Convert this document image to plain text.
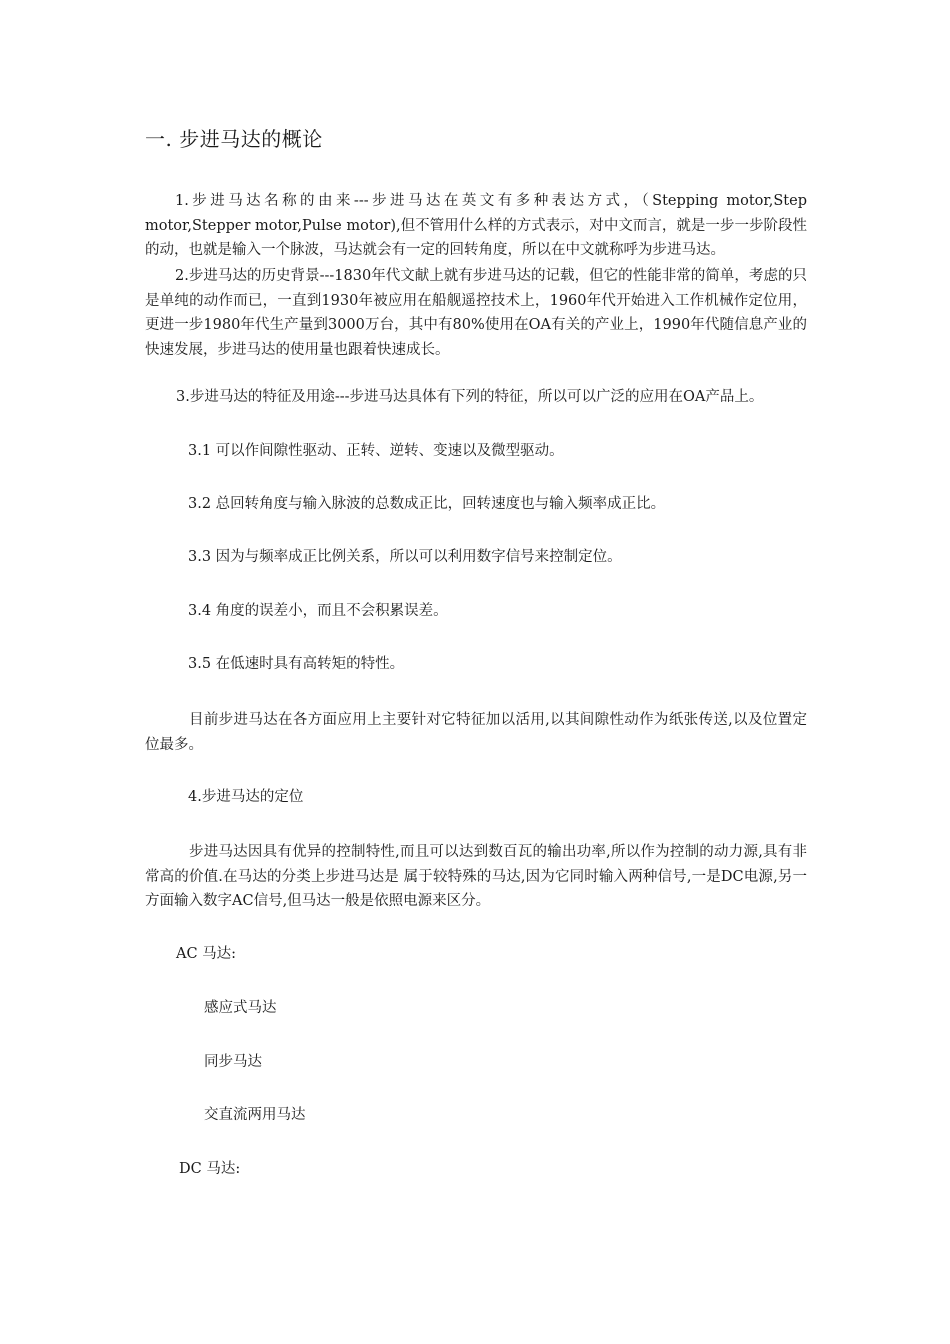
一. 步进马达的概论

1.步进马达名称的由来---步进马达在英文有多种表达方式，（Stepping motor,Step motor,Stepper motor,Pulse motor),但不管用什么样的方式表示，对中文而言，就是一步一步阶段性的动，也就是输入一个脉波，马达就会有一定的回转角度，所以在中文就称呼为步进马达。

2.步进马达的历史背景---1830年代文献上就有步进马达的记载，但它的性能非常的简单，考虑的只是单纯的动作而已，一直到1930年被应用在船舰遥控技术上，1960年代开始进入工作机械作定位用，更进一步1980年代生产量到3000万台，其中有80%使用在OA有关的产业上，1990年代随信息产业的快速发展，步进马达的使用量也跟着快速成长。

3.步进马达的特征及用途---步进马达具体有下列的特征，所以可以广泛的应用在OA产品上。
3.1 可以作间隙性驱动、正转、逆转、变速以及微型驱动。
3.2 总回转角度与输入脉波的总数成正比，回转速度也与输入频率成正比。
3.3 因为与频率成正比例关系，所以可以利用数字信号来控制定位。
3.4 角度的误差小，而且不会积累误差。
3.5 在低速时具有高转矩的特性。

目前步进马达在各方面应用上主要针对它特征加以活用,以其间隙性动作为纸张传送,以及位置定位最多。

4.步进马达的定位

步进马达因具有优异的控制特性,而且可以达到数百瓦的输出功率,所以作为控制的动力源,具有非常高的价值.在马达的分类上步进马达是 属于较特殊的马达,因为它同时输入两种信号,一是DC电源,另一方面输入数字AC信号,但马达一般是依照电源来区分。

AC 马达:
感应式马达
同步马达
交直流两用马达
DC 马达:
